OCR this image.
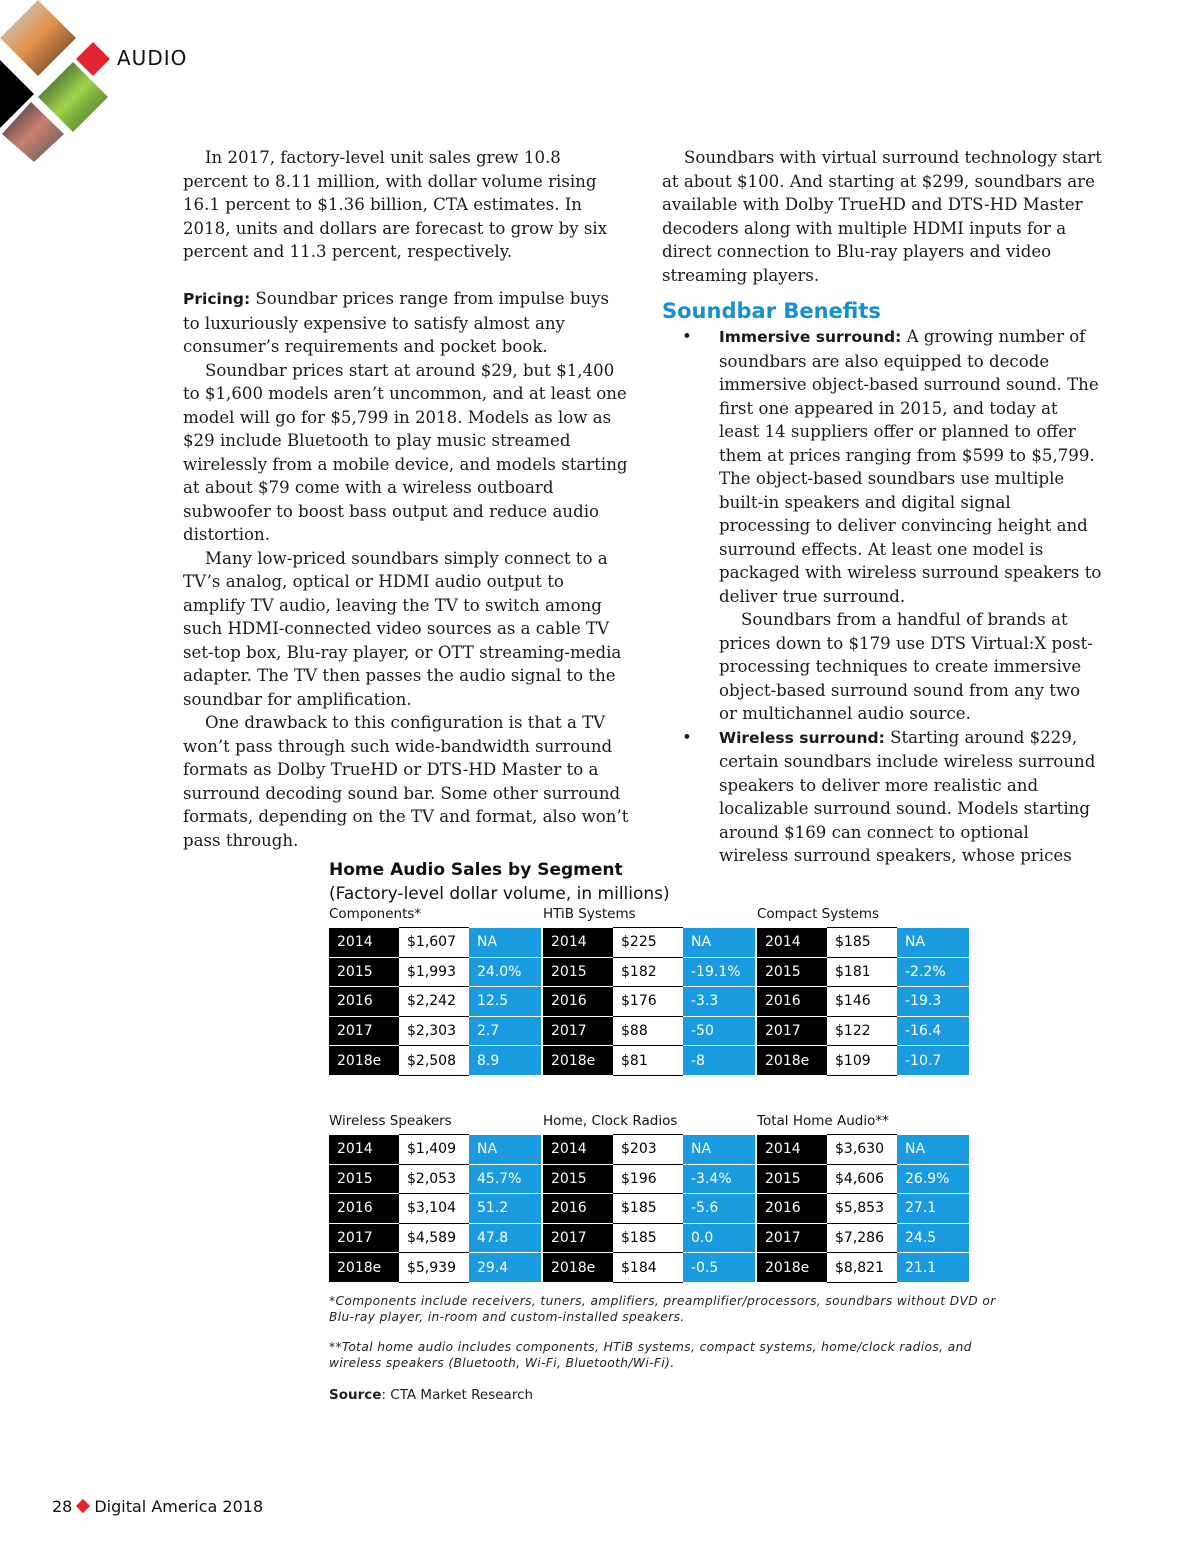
AUDIO

In 2017, factory-level unit sales grew 10.8 percent to 8.11 million, with dollar volume rising 16.1 percent to $1.36 billion, CTA estimates. In 2018, units and dollars are forecast to grow by six percent and 11.3 percent, respectively.

Pricing: Soundbar prices range from impulse buys to luxuriously expensive to satisfy almost any consumer’s requirements and pocket book.

Soundbar prices start at around $29, but $1,400 to $1,600 models aren’t uncommon, and at least one model will go for $5,799 in 2018. Models as low as $29 include Bluetooth to play music streamed wirelessly from a mobile device, and models starting at about $79 come with a wireless outboard subwoofer to boost bass output and reduce audio distortion.

Many low-priced soundbars simply connect to a TV’s analog, optical or HDMI audio output to amplify TV audio, leaving the TV to switch among such HDMI-connected video sources as a cable TV set-top box, Blu-ray player, or OTT streaming-media adapter. The TV then passes the audio signal to the soundbar for amplification.

One drawback to this configuration is that a TV won’t pass through such wide-bandwidth surround formats as Dolby TrueHD or DTS-HD Master to a surround decoding sound bar. Some other surround formats, depending on the TV and format, also won’t pass through.

Soundbars with virtual surround technology start at about $100. And starting at $299, soundbars are available with Dolby TrueHD and DTS-HD Master decoders along with multiple HDMI inputs for a direct connection to Blu-ray players and video streaming players.

Soundbar Benefits
• Immersive surround: A growing number of soundbars are also equipped to decode immersive object-based surround sound. The first one appeared in 2015, and today at least 14 suppliers offer or planned to offer them at prices ranging from $599 to $5,799. The object-based soundbars use multiple built-in speakers and digital signal processing to deliver convincing height and surround effects. At least one model is packaged with wireless surround speakers to deliver true surround.

Soundbars from a handful of brands at prices down to $179 use DTS Virtual:X post-processing techniques to create immersive object-based surround sound from any two or multichannel audio source.

• Wireless surround: Starting around $229, certain soundbars include wireless surround speakers to deliver more realistic and localizable surround sound. Models starting around $169 can connect to optional wireless surround speakers, whose prices

Home Audio Sales by Segment
(Factory-level dollar volume, in millions)
Components*
2014	$1,607	NA
2015	$1,993	24.0%
2016	$2,242	12.5
2017	$2,303	2.7
2018e	$2,508	8.9
HTiB Systems
2014	$225	NA
2015	$182	-19.1%
2016	$176	-3.3
2017	$88	-50
2018e	$81	-8
Compact Systems
2014	$185	NA
2015	$181	-2.2%
2016	$146	-19.3
2017	$122	-16.4
2018e	$109	-10.7
Wireless Speakers
2014	$1,409	NA
2015	$2,053	45.7%
2016	$3,104	51.2
2017	$4,589	47.8
2018e	$5,939	29.4
Home, Clock Radios
2014	$203	NA
2015	$196	-3.4%
2016	$185	-5.6
2017	$185	0.0
2018e	$184	-0.5
Total Home Audio**
2014	$3,630	NA
2015	$4,606	26.9%
2016	$5,853	27.1
2017	$7,286	24.5
2018e	$8,821	21.1
*Components include receivers, tuners, amplifiers, preamplifier/processors, soundbars without DVD or Blu-ray player, in-room and custom-installed speakers.
**Total home audio includes components, HTiB systems, compact systems, home/clock radios, and wireless speakers (Bluetooth, Wi-Fi, Bluetooth/Wi-Fi).
Source: CTA Market Research
28 Digital America 2018
